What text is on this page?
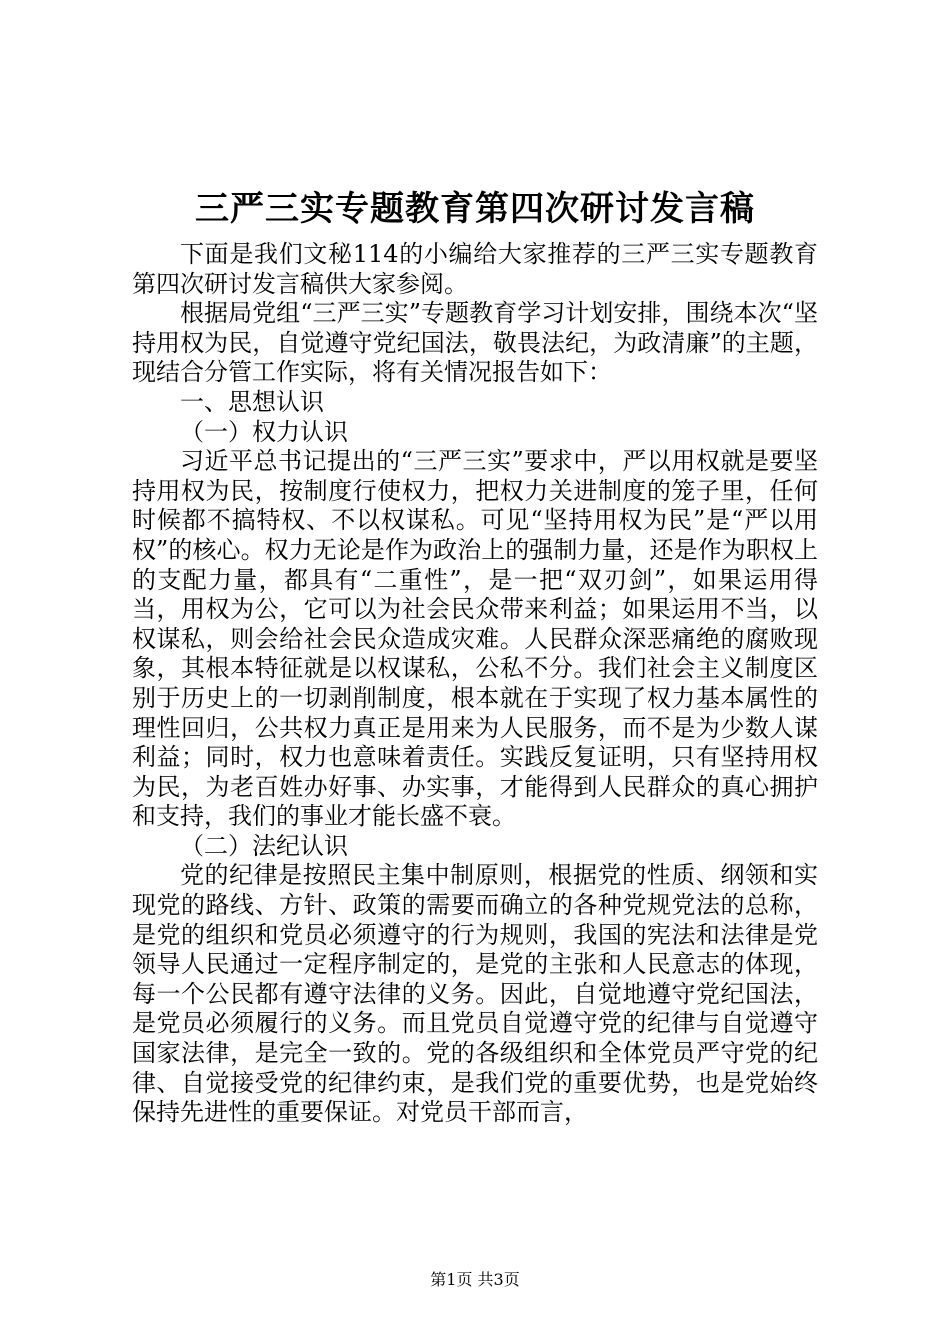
三严三实专题教育第四次研讨发言稿

下面是我们文秘114的小编给大家推荐的三严三实专题教育第四次研讨发言稿供大家参阅。

根据局党组“三严三实”专题教育学习计划安排，围绕本次“坚持用权为民，自觉遵守党纪国法，敬畏法纪，为政清廉”的主题，现结合分管工作实际，将有关情况报告如下：

一、思想认识

（一）权力认识

习近平总书记提出的“三严三实”要求中，严以用权就是要坚持用权为民，按制度行使权力，把权力关进制度的笼子里，任何时候都不搞特权、不以权谋私。可见“坚持用权为民”是“严以用权”的核心。权力无论是作为政治上的强制力量，还是作为职权上的支配力量，都具有“二重性”，是一把“双刃剑”，如果运用得当，用权为公，它可以为社会民众带来利益；如果运用不当，以权谋私，则会给社会民众造成灾难。人民群众深恶痛绝的腐败现象，其根本特征就是以权谋私，公私不分。我们社会主义制度区别于历史上的一切剥削制度，根本就在于实现了权力基本属性的理性回归，公共权力真正是用来为人民服务，而不是为少数人谋利益；同时，权力也意味着责任。实践反复证明，只有坚持用权为民，为老百姓办好事、办实事，才能得到人民群众的真心拥护和支持，我们的事业才能长盛不衰。

（二）法纪认识

党的纪律是按照民主集中制原则，根据党的性质、纲领和实现党的路线、方针、政策的需要而确立的各种党规党法的总称，是党的组织和党员必须遵守的行为规则，我国的宪法和法律是党领导人民通过一定程序制定的，是党的主张和人民意志的体现，每一个公民都有遵守法律的义务。因此，自觉地遵守党纪国法，是党员必须履行的义务。而且党员自觉遵守党的纪律与自觉遵守国家法律，是完全一致的。党的各级组织和全体党员严守党的纪律、自觉接受党的纪律约束，是我们党的重要优势，也是党始终保持先进性的重要保证。对党员干部而言，

第1页 共3页
